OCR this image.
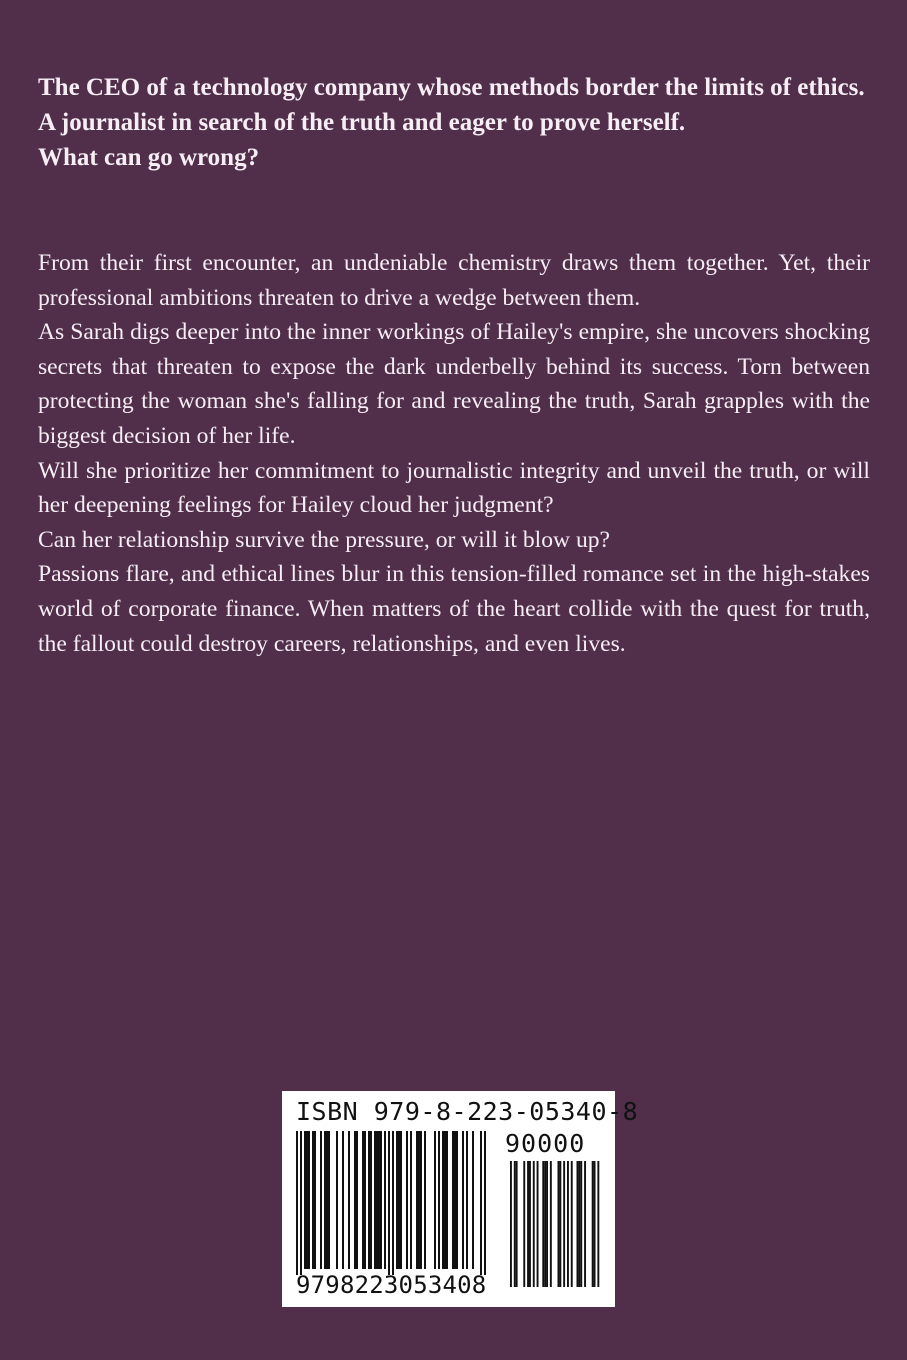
The CEO of a technology company whose methods border the limits of ethics.

A journalist in search of the truth and eager to prove herself.

What can go wrong?

From their first encounter, an undeniable chemistry draws them together. Yet, their professional ambitions threaten to drive a wedge between them.

As Sarah digs deeper into the inner workings of Hailey's empire, she uncovers shocking secrets that threaten to expose the dark underbelly behind its success. Torn between protecting the woman she's falling for and revealing the truth, Sarah grapples with the biggest decision of her life.

Will she prioritize her commitment to journalistic integrity and unveil the truth, or will her deepening feelings for Hailey cloud her judgment?

Can her relationship survive the pressure, or will it blow up?

Passions flare, and ethical lines blur in this tension-filled romance set in the high-stakes world of corporate finance. When matters of the heart collide with the quest for truth, the fallout could destroy careers, relationships, and even lives.

ISBN 979-8-223-05340-8
90000
9798223053408
